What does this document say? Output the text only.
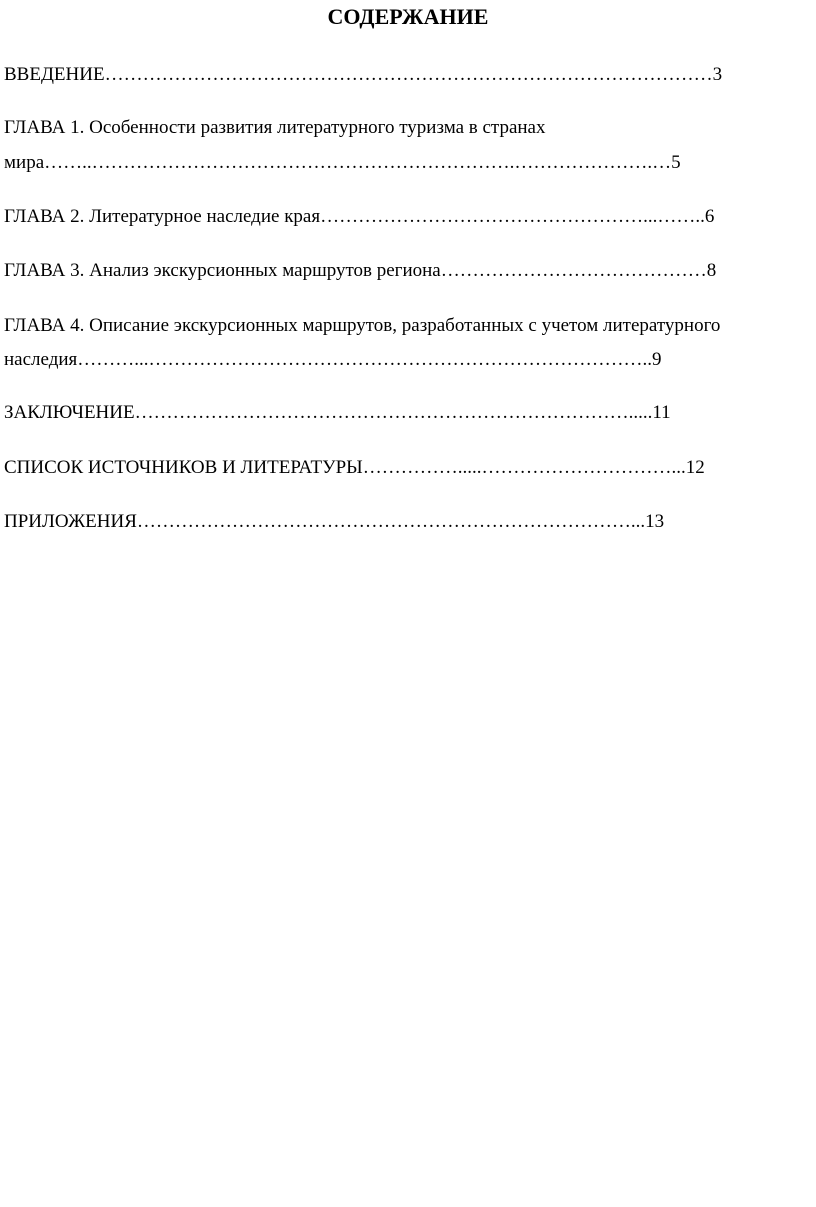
СОДЕРЖАНИЕ

ВВЕДЕНИЕ……………………………………………………………………………………3

ГЛАВА 1. Особенности развития литературного туризма в странах

мира……..………………………………………………………….………………….…5

ГЛАВА 2. Литературное наследие края……………………………………………...……..6

ГЛАВА 3. Анализ экскурсионных маршрутов региона……………………………………8

ГЛАВА 4. Описание экскурсионных маршрутов, разработанных с учетом литературного

наследия………...……………………………………………………………………..9

ЗАКЛЮЧЕНИЕ…………………………………………………………………….....11

СПИСОК ИСТОЧНИКОВ И ЛИТЕРАТУРЫ…………….....…………………………...12

ПРИЛОЖЕНИЯ……………………………………………………………………...13
